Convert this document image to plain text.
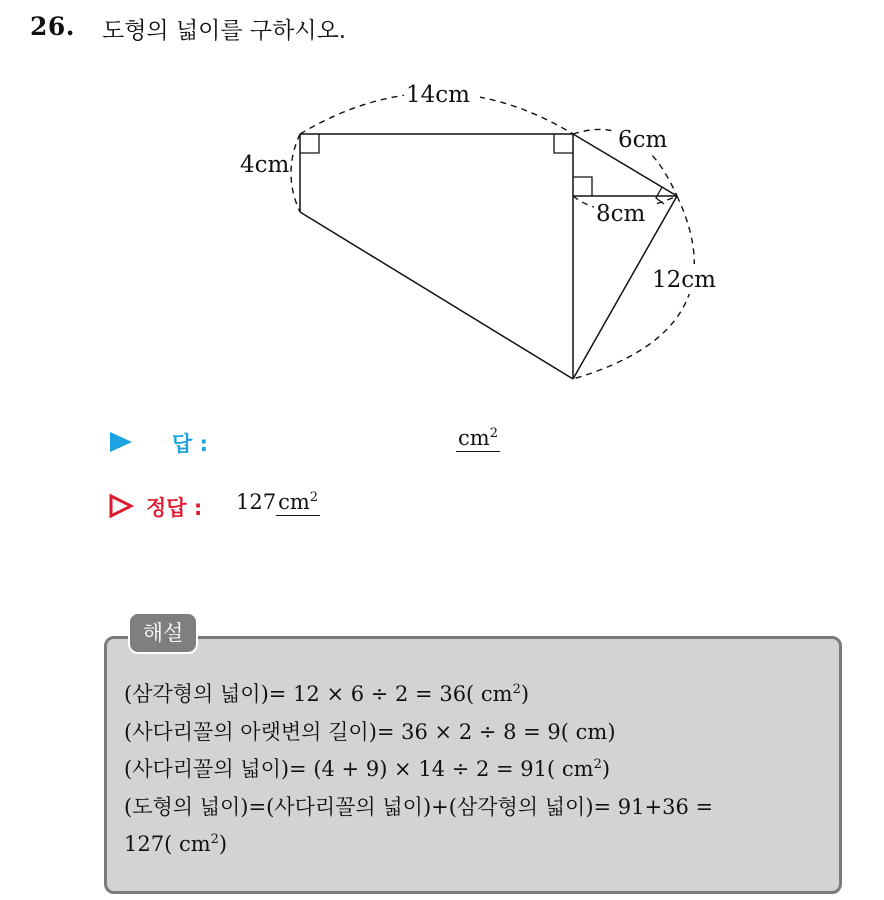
26. 도형의 넓이를 구하시오.
14cm
4cm
6cm
8cm
12cm
답 :	$cm^2$
정답 : $127cm^2$
해설
(삼각형의 넓이)= 12 × 6 ÷ 2 = 36( $cm^2$)
(사다리꼴의 아랫변의 길이)= 36 × 2 ÷ 8 = 9( cm)
(사다리꼴의 넓이)= (4 + 9) × 14 ÷ 2 = 91( $cm^2$)
(도형의 넓이)=(사다리꼴의 넓이)+(삼각형의 넓이)= 91+36 =
127( $cm^2$)
